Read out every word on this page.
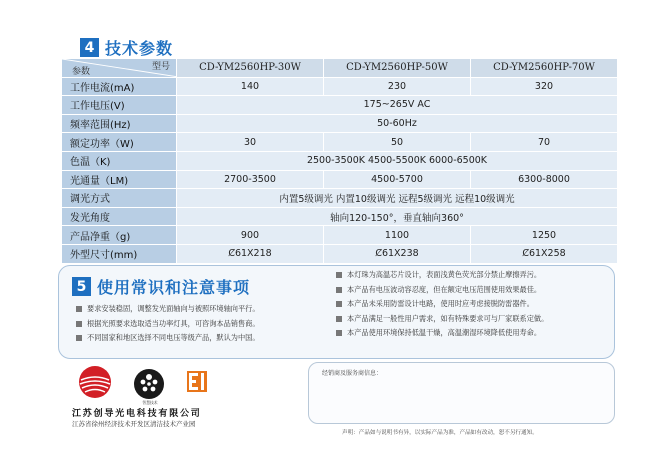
4 技术参数
型号
参数	CD-YM2560HP-30W	CD-YM2560HP-50W	CD-YM2560HP-70W
工作电流(mA)	140	230	320
工作电压(V)	175~265V AC		
频率范围(Hz)	50-60Hz		
额定功率（W)	30	50	70
色温（K)	2500-3500K 4500-5500K 6000-6500K		
光通量（LM)	2700-3500	4500-5700	6300-8000
调光方式	内置5级调光 内置10级调光 远程5级调光 远程10级调光		
发光角度	轴向120-150°，垂直轴向360°		
产品净重（g)	900	1100	1250
外型尺寸(mm)	Ȼ61X218	Ȼ61X238	Ȼ61X258
5 使用常识和注意事项
要求安装稳固，调整发光面轴向与被照环境轴向平行。
根据光照要求选取适当功率灯具，可咨询本品销售商。
不同国家和地区选择不同电压等级产品，默认为中国。
本灯珠为高温芯片设计，表面浅黄色荧光部分禁止摩擦弄污。
本产品有电压波动容忍度，但在额定电压范围使用效果最佳。
本产品未采用防雷设计电路，使用时应考虑接脱防雷器件。
本产品满足一般性用户需求，如有特殊要求可与厂家联系定做。
本产品使用环境保持低温干燥，高温潮湿环境降低使用寿命。
经销商及服务商信息：
声明：产品如与说明书有异，以实际产品为准，产品如有改动，恕不另行通知。
智慧技术
江苏创导光电科技有限公司
江苏省徐州经济技术开发区清洁技术产业园
